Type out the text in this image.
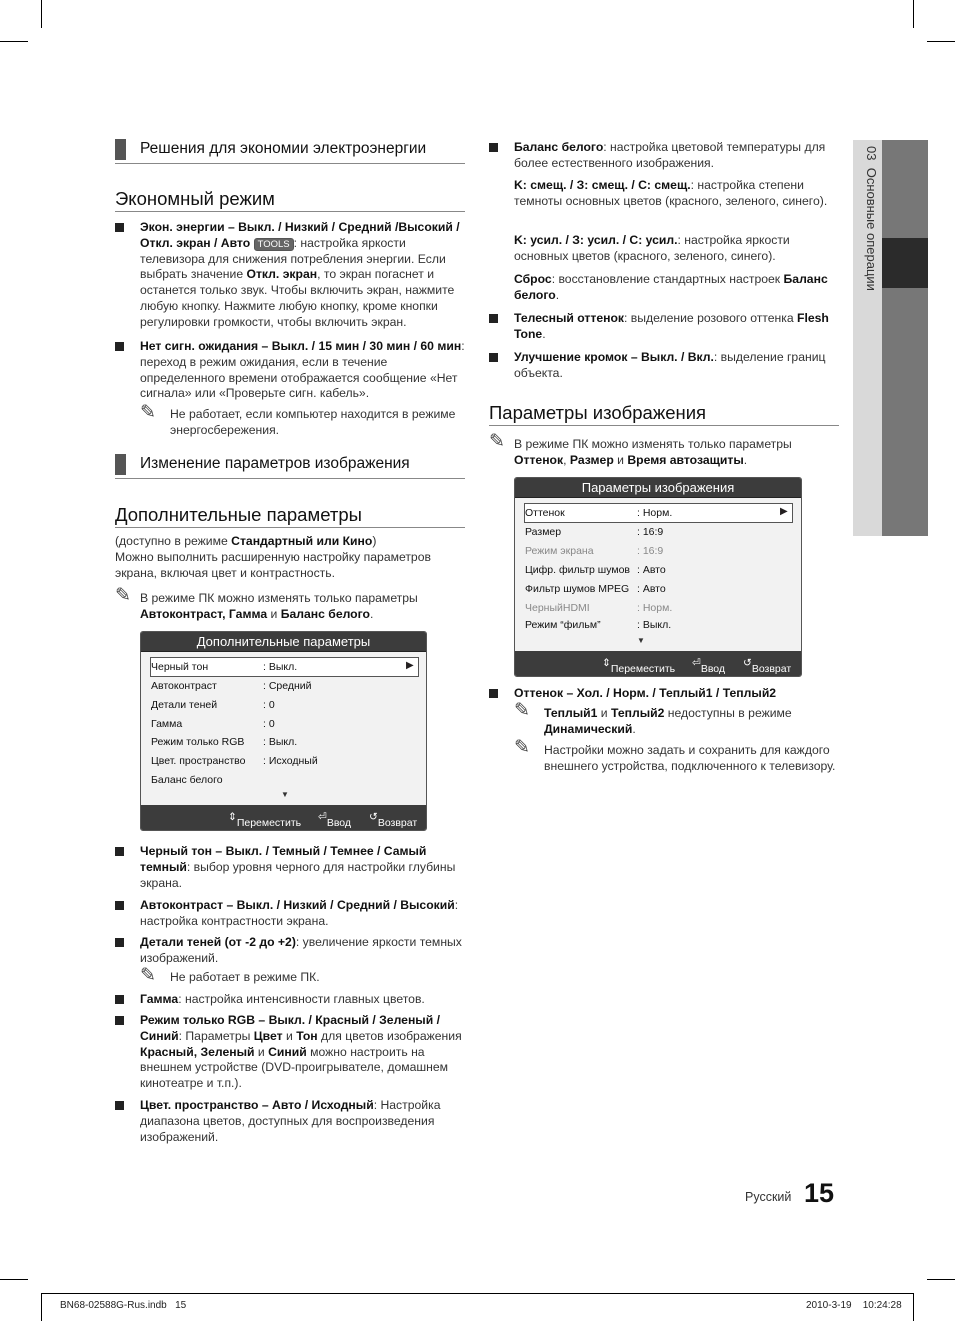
03  Основные операции
Решения для экономии электроэнергии
Экономный режим
Экон. энергии – Выкл. / Низкий / Средний /Высокий / Откл. экран / Авто TOOLS : настройка яркости телевизора для снижения потребления энергии. Если выбрать значение Откл. экран, то экран погаснет и останется только звук. Чтобы включить экран, нажмите любую кнопку. Нажмите любую кнопку, кроме кнопки регулировки громкости, чтобы включить экран.
Нет сигн. ожидания – Выкл. / 15 мин / 30 мин / 60 мин: переход в режим ожидания, если в течение определенного времени отображается сообщение «Нет сигнала» или «Проверьте сигн. кабель».
✎ Не работает, если компьютер находится в режиме энергосбережения.
Изменение параметров изображения
Дополнительные параметры
(доступно в режиме Стандартный или Кино)
Можно выполнить расширенную настройку параметров экрана, включая цвет и контрастность.
✎ В режиме ПК можно изменять только параметры Автоконтраст, Гамма и Баланс белого.
Дополнительные параметры
Черный тон	: Выкл.	▶
Автоконтраст	: Средний
Детали теней	: 0
Гамма	: 0
Режим только RGB : Выкл.
Цвет. пространство : Исходный
Баланс белого
▼
⇕ Переместить ⏎ Ввод ↺ Возврат
Черный тон – Выкл. / Темный / Темнее / Самый темный: выбор уровня черного для настройки глубины экрана.
Автоконтраст – Выкл. / Низкий / Средний / Высокий: настройка контрастности экрана.
Детали теней (от -2 до +2): увеличение яркости темных изображений.
✎ Не работает в режиме ПК.
Гамма: настройка интенсивности главных цветов.
Режим только RGB – Выкл. / Красный / Зеленый / Синий: Параметры Цвет и Тон для цветов изображения Красный, Зеленый и Синий можно настроить на внешнем устройстве (DVD-проигрывателе, домашнем кинотеатре и т.п.).
Цвет. пространство – Авто / Исходный: Настройка диапазона цветов, доступных для воспроизведения изображений.
Баланс белого: настройка цветовой температуры для более естественного изображения.
K: смещ. / З: смещ. / С: смещ.: настройка степени темноты основных цветов (красного, зеленого, синего).
K: усил. / З: усил. / С: усил.: настройка яркости основных цветов (красного, зеленого, синего).
Сброс: восстановление стандартных настроек Баланс белого.
Телесный оттенок: выделение розового оттенка Flesh Tone.
Улучшение кромок – Выкл. / Вкл.: выделение границ объекта.
Параметры изображения
✎ В режиме ПК можно изменять только параметры Оттенок, Размер и Время автозащиты.
Параметры изображения
Оттенок	: Норм.	▶
Размер	: 16:9
Режим экрана	: 16:9
Цифр. фильтр шумов : Авто
Фильтр шумов MPEG : Авто
ЧерныйHDMI	: Норм.
Режим “фильм”	: Выкл.
▼
⇕ Переместить ⏎ Ввод ↺ Возврат
Оттенок – Хол. / Норм. / Теплый1 / Теплый2
✎ Теплый1 и Теплый2 недоступны в режиме Динамический.
✎ Настройки можно задать и сохранить для каждого внешнего устройства, подключенного к телевизору.
Русский 15
BN68-02588G-Rus.indb   15	2010-3-19    10:24:28
